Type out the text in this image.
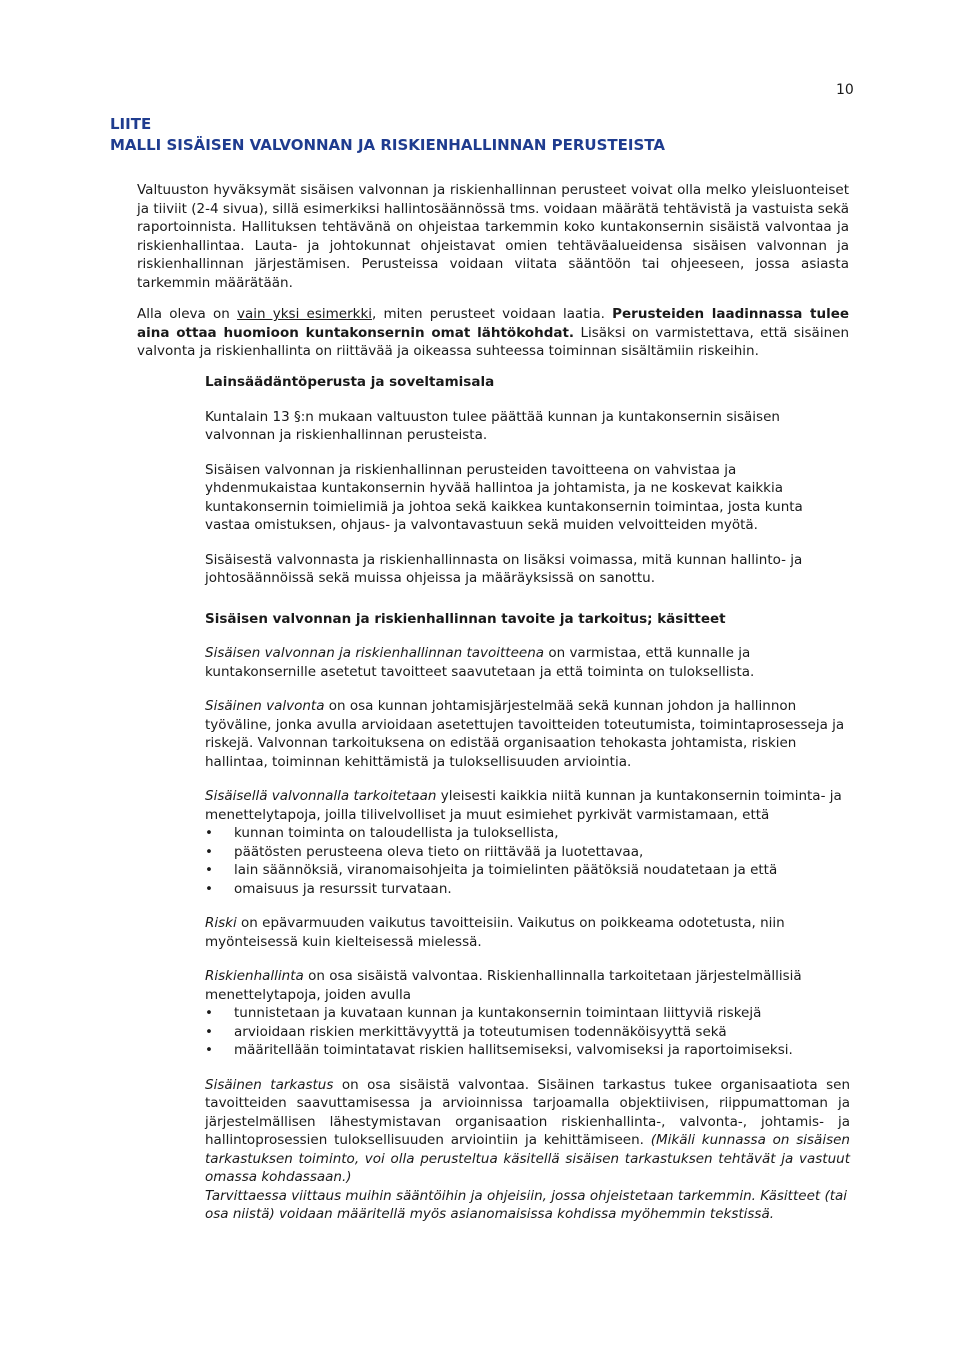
10
LIITE
MALLI SISÄISEN VALVONNAN JA RISKIENHALLINNAN PERUSTEISTA

Valtuuston hyväksymät sisäisen valvonnan ja riskienhallinnan perusteet voivat olla melko yleisluonteiset ja tiiviit (2-4 sivua), sillä esimerkiksi hallintosäännössä tms. voidaan määrätä tehtävistä ja vastuista sekä raportoinnista. Hallituksen tehtävänä on ohjeistaa tarkemmin koko kuntakonsernin sisäistä valvontaa ja riskienhallintaa. Lauta- ja johtokunnat ohjeistavat omien tehtäväalueidensa sisäisen valvonnan ja riskienhallinnan järjestämisen. Perusteissa voidaan viitata sääntöön tai ohjeeseen, jossa asiasta tarkemmin määrätään.

Alla oleva on vain yksi esimerkki, miten perusteet voidaan laatia. Perusteiden laadinnassa tulee aina ottaa huomioon kuntakonsernin omat lähtökohdat. Lisäksi on varmistettava, että sisäinen valvonta ja riskienhallinta on riittävää ja oikeassa suhteessa toiminnan sisältämiin riskeihin.

Lainsäädäntöperusta ja soveltamisala

Kuntalain 13 §:n mukaan valtuuston tulee päättää kunnan ja kuntakonsernin sisäisen valvonnan ja riskienhallinnan perusteista.

Sisäisen valvonnan ja riskienhallinnan perusteiden tavoitteena on vahvistaa ja yhdenmukaistaa kuntakonsernin hyvää hallintoa ja johtamista, ja ne koskevat kaikkia kuntakonsernin toimielimiä ja johtoa sekä kaikkea kuntakonsernin toimintaa, josta kunta vastaa omistuksen, ohjaus- ja valvontavastuun sekä muiden velvoitteiden myötä.

Sisäisestä valvonnasta ja riskienhallinnasta on lisäksi voimassa, mitä kunnan hallinto- ja johtosäännöissä sekä muissa ohjeissa ja määräyksissä on sanottu.

Sisäisen valvonnan ja riskienhallinnan tavoite ja tarkoitus; käsitteet

Sisäisen valvonnan ja riskienhallinnan tavoitteena on varmistaa, että kunnalle ja kuntakonsernille asetetut tavoitteet saavutetaan ja että toiminta on tuloksellista.

Sisäinen valvonta on osa kunnan johtamisjärjestelmää sekä kunnan johdon ja hallinnon työväline, jonka avulla arvioidaan asetettujen tavoitteiden toteutumista, toimintaprosesseja ja riskejä. Valvonnan tarkoituksena on edistää organisaation tehokasta johtamista, riskien hallintaa, toiminnan kehittämistä ja tuloksellisuuden arviointia.

Sisäisellä valvonnalla tarkoitetaan yleisesti kaikkia niitä kunnan ja kuntakonsernin toiminta- ja menettelytapoja, joilla tilivelvolliset ja muut esimiehet pyrkivät varmistamaan, että

• kunnan toiminta on taloudellista ja tuloksellista,
• päätösten perusteena oleva tieto on riittävää ja luotettavaa,
• lain säännöksiä, viranomaisohjeita ja toimielinten päätöksiä noudatetaan ja että
• omaisuus ja resurssit turvataan.

Riski on epävarmuuden vaikutus tavoitteisiin. Vaikutus on poikkeama odotetusta, niin myönteisessä kuin kielteisessä mielessä.

Riskienhallinta on osa sisäistä valvontaa. Riskienhallinnalla tarkoitetaan järjestelmällisiä menettelytapoja, joiden avulla

• tunnistetaan ja kuvataan kunnan ja kuntakonsernin toimintaan liittyviä riskejä
• arvioidaan riskien merkittävyyttä ja toteutumisen todennäköisyyttä sekä
• määritellään toimintatavat riskien hallitsemiseksi, valvomiseksi ja raportoimiseksi.

Sisäinen tarkastus on osa sisäistä valvontaa. Sisäinen tarkastus tukee organisaatiota sen tavoitteiden saavuttamisessa ja arvioinnissa tarjoamalla objektiivisen, riippumattoman ja järjestelmällisen lähestymistavan organisaation riskienhallinta-, valvonta-, johtamis- ja hallintoprosessien tuloksellisuuden arviointiin ja kehittämiseen. (Mikäli kunnassa on sisäisen tarkastuksen toiminto, voi olla perusteltua käsitellä sisäisen tarkastuksen tehtävät ja vastuut omassa kohdassaan.)

Tarvittaessa viittaus muihin sääntöihin ja ohjeisiin, jossa ohjeistetaan tarkemmin. Käsitteet (tai osa niistä) voidaan määritellä myös asianomaisissa kohdissa myöhemmin tekstissä.
